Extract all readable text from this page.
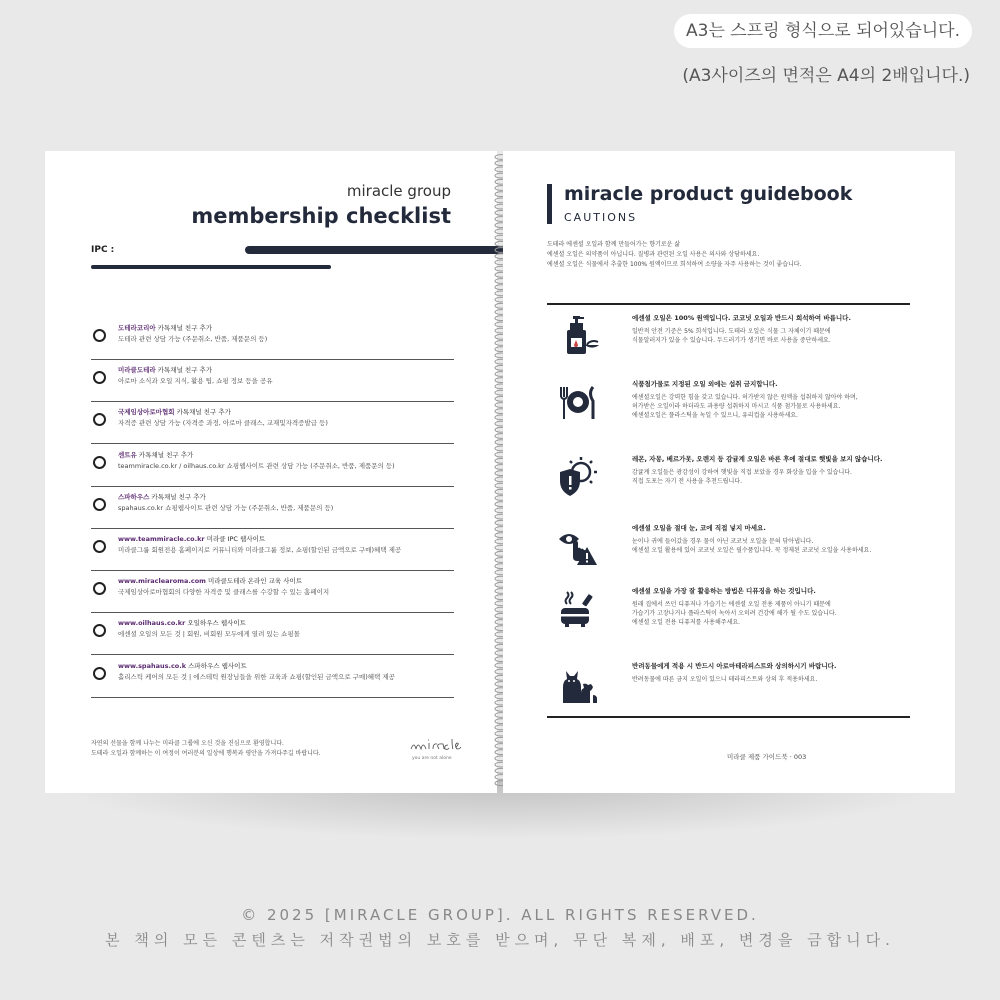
A3는 스프링 형식으로 되어있습니다.
(A3사이즈의 면적은 A4의 2배입니다.)
miracle group
membership checklist
IPC :
도테라코리아 카톡채널 친구 추가
도테라 관련 상담 가능 (주문취소, 반품, 제품문의 등)
미라클도테라 카톡채널 친구 추가
아로마 소식과 오일 지식, 활용 팁, 쇼핑 정보 등을 공유
국제임상아로마협회 카톡채널 친구 추가
자격증 관련 상담 가능 (자격증 과정, 아로마 클래스, 교재및자격증발급 등)
센트유 카톡채널 친구 추가
teammiracle.co.kr / oilhaus.co.kr 쇼핑웹사이트 관련 상담 가능 (주문취소, 반품, 제품문의 등)
스파하우스 카톡채널 친구 추가
spahaus.co.kr 쇼핑웹사이트 관련 상담 가능 (주문취소, 반품, 제품문의 등)
www.teammiracle.co.kr 미라클 IPC 웹사이트
미라클그룹 회원전용 홈페이지로 커뮤니티와 미라클그룹 정보, 쇼핑(할인된 금액으로 구매)혜택 제공
www.miraclearoma.com 미라클도테라 온라인 교육 사이트
국제임상아로마협회의 다양한 자격증 및 클래스를 수강할 수 있는 홈페이지
www.oilhaus.co.kr 오일하우스 웹사이트
에센셜 오일의 모든 것 | 회원, 비회원 모두에게 열려 있는 쇼핑몰
www.spahaus.co.k 스파하우스 웹사이트
홀리스틱 케어의 모든 것 | 에스테틱 원장님들을 위한 교육과 쇼핑(할인된 금액으로 구매)혜택 제공
자연의 선물을 함께 나누는 미라클 그룹에 오신 것을 진심으로 환영합니다.
도테라 오일과 함께하는 이 여정이 여러분의 일상에 행복과 평안을 가져다주길 바랍니다.
you are not alone
miracle product guidebook
CAUTIONS
도테라 에센셜 오일과 함께 만들어가는 향기로운 삶
에센셜 오일은 의약품이 아닙니다. 질병과 관련된 오일 사용은 의사와 상담하세요.
에센셜 오일은 식물에서 추출한 100% 원액이므로 희석하여 소량을 자주 사용하는 것이 좋습니다.
에센셜 오일은 100% 원액입니다. 코코넛 오일과 반드시 희석하여 바릅니다.
일반적 안전 기준은 5% 희석입니다. 도테라 오일은 식물 그 자체이기 때문에
식물알러지가 있을 수 있습니다. 두드러기가 생기면 바로 사용을 중단하세요.
식품첨가물로 지정된 오일 외에는 섭취 금지합니다.
에센셜오일은 강력한 힘을 갖고 있습니다. 허가받지 않은 원액을 섭취하지 않아야 하며,
허가받은 오일이라 하더라도 과용량 섭취하지 마시고 식품 첨가물로 사용하세요.
에센셜오일은 플라스틱을 녹일 수 있으니, 유리컵을 사용하세요.
레몬, 자몽, 베르가못, 오렌지 등 감귤계 오일은 바른 후에 절대로 햇빛을 보지 않습니다.
감귤계 오일들은 광감성이 강하여 햇빛을 직접 보았을 경우 화상을 입을 수 있습니다.
직접 도포는 자기 전 사용을 추천드립니다.
에센셜 오일을 절대 눈, 코에 직접 넣지 마세요.
눈이나 귀에 들어갔을 경우 물이 아닌 코코넛 오일을 문혀 닦아냅니다.
에센셜 오일 활용에 있어 코코넛 오일은 필수품입니다. 꼭 정제된 코코넛 오일을 사용하세요.
에센셜 오일을 가장 잘 활용하는 방법은 디퓨징을 하는 것입니다.
원래 집에서 쓰던 디퓨저나 가습기는 에센셜 오일 전용 제품이 아니기 때문에
가습기가 고장나거나 플라스틱이 녹아서 오히려 건강에 해가 될 수도 있습니다.
에센셜 오일 전용 디퓨저를 사용해주세요.
반려동물에게 적용 시 반드시 아로마테라피스트와 상의하시기 바랍니다.
반려동물에 따른 금지 오일이 있으니 테라피스트와 상의 후 적용하세요.
미라클 제품 가이드북 · 003
© 2025 [MIRACLE GROUP]. ALL RIGHTS RESERVED.
본 책의 모든 콘텐츠는 저작권법의 보호를 받으며, 무단 복제, 배포, 변경을 금합니다.
